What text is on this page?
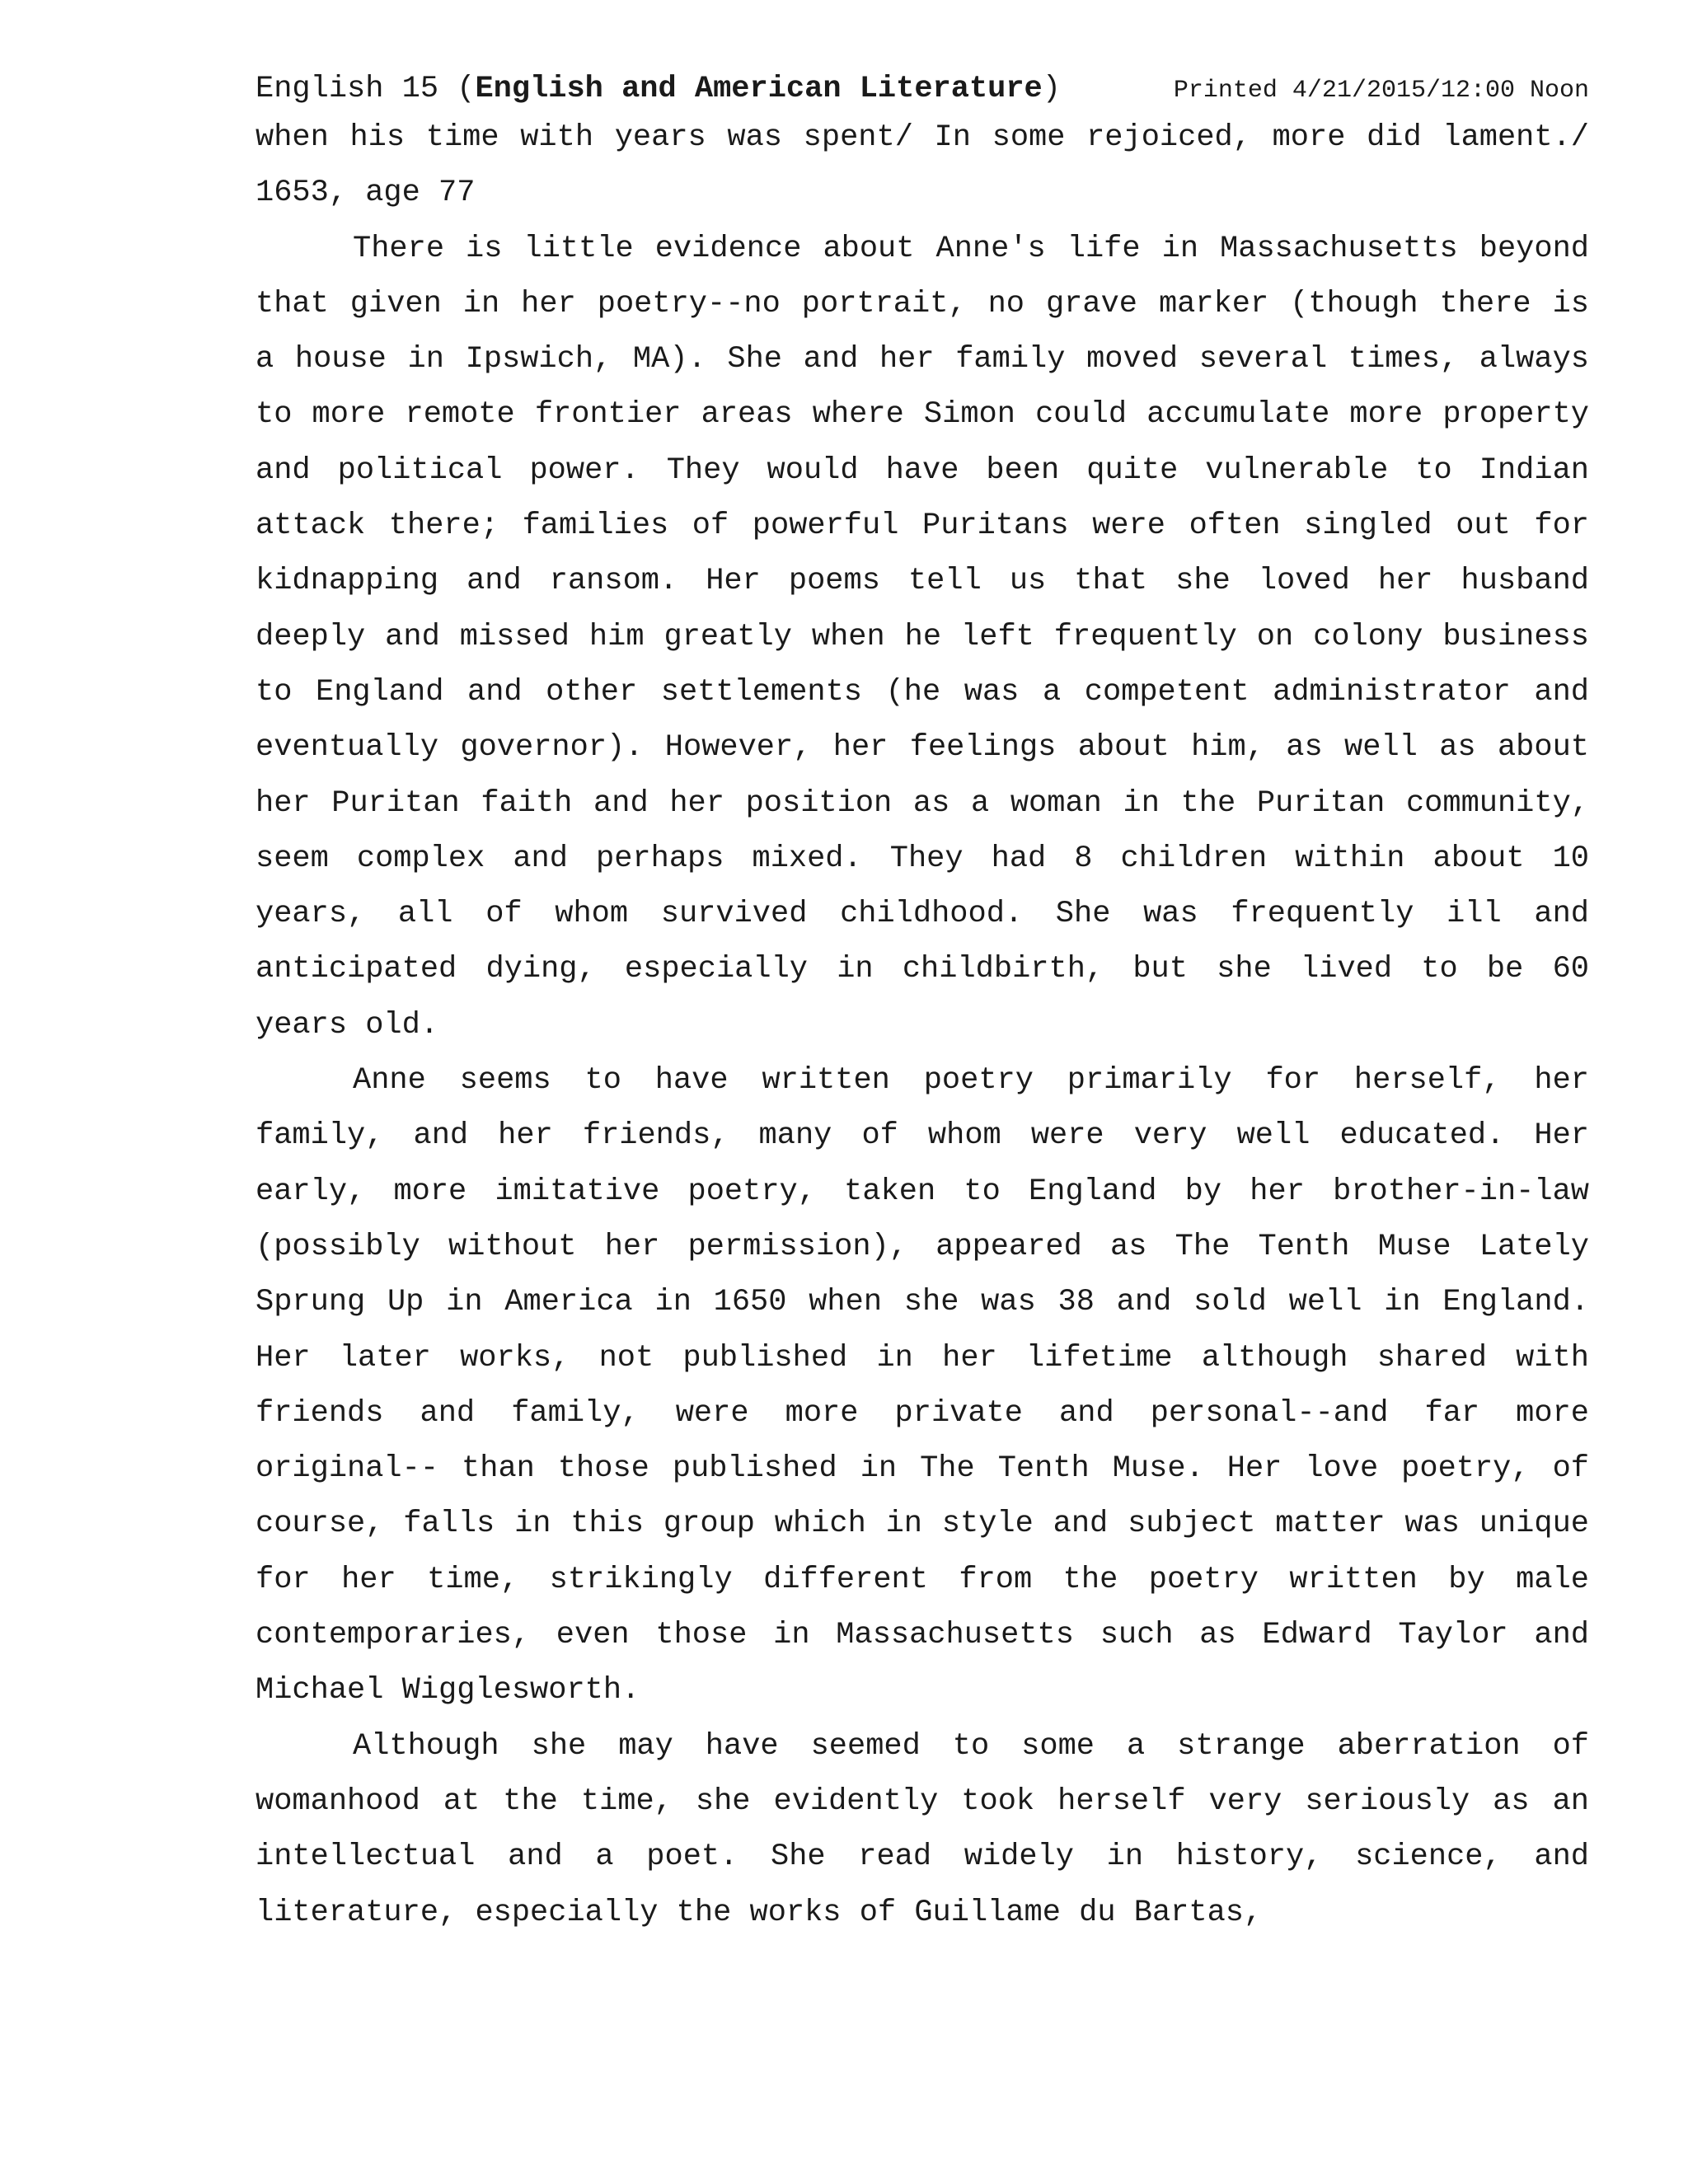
English 15 (English and American Literature)	Printed 4/21/2015/12:00 Noon

when his time with years was spent/ In some rejoiced, more did lament./ 1653, age 77

There is little evidence about Anne's life in Massachusetts beyond that given in her poetry--no portrait, no grave marker (though there is a house in Ipswich, MA). She and her family moved several times, always to more remote frontier areas where Simon could accumulate more property and political power. They would have been quite vulnerable to Indian attack there; families of powerful Puritans were often singled out for kidnapping and ransom. Her poems tell us that she loved her husband deeply and missed him greatly when he left frequently on colony business to England and other settlements (he was a competent administrator and eventually governor). However, her feelings about him, as well as about her Puritan faith and her position as a woman in the Puritan community, seem complex and perhaps mixed. They had 8 children within about 10 years, all of whom survived childhood. She was frequently ill and anticipated dying, especially in childbirth, but she lived to be 60 years old.

Anne seems to have written poetry primarily for herself, her family, and her friends, many of whom were very well educated. Her early, more imitative poetry, taken to England by her brother-in-law (possibly without her permission), appeared as The Tenth Muse Lately Sprung Up in America in 1650 when she was 38 and sold well in England. Her later works, not published in her lifetime although shared with friends and family, were more private and personal--and far more original-- than those published in The Tenth Muse. Her love poetry, of course, falls in this group which in style and subject matter was unique for her time, strikingly different from the poetry written by male contemporaries, even those in Massachusetts such as Edward Taylor and Michael Wigglesworth.

Although she may have seemed to some a strange aberration of womanhood at the time, she evidently took herself very seriously as an intellectual and a poet. She read widely in history, science, and literature, especially the works of Guillame du Bartas,
